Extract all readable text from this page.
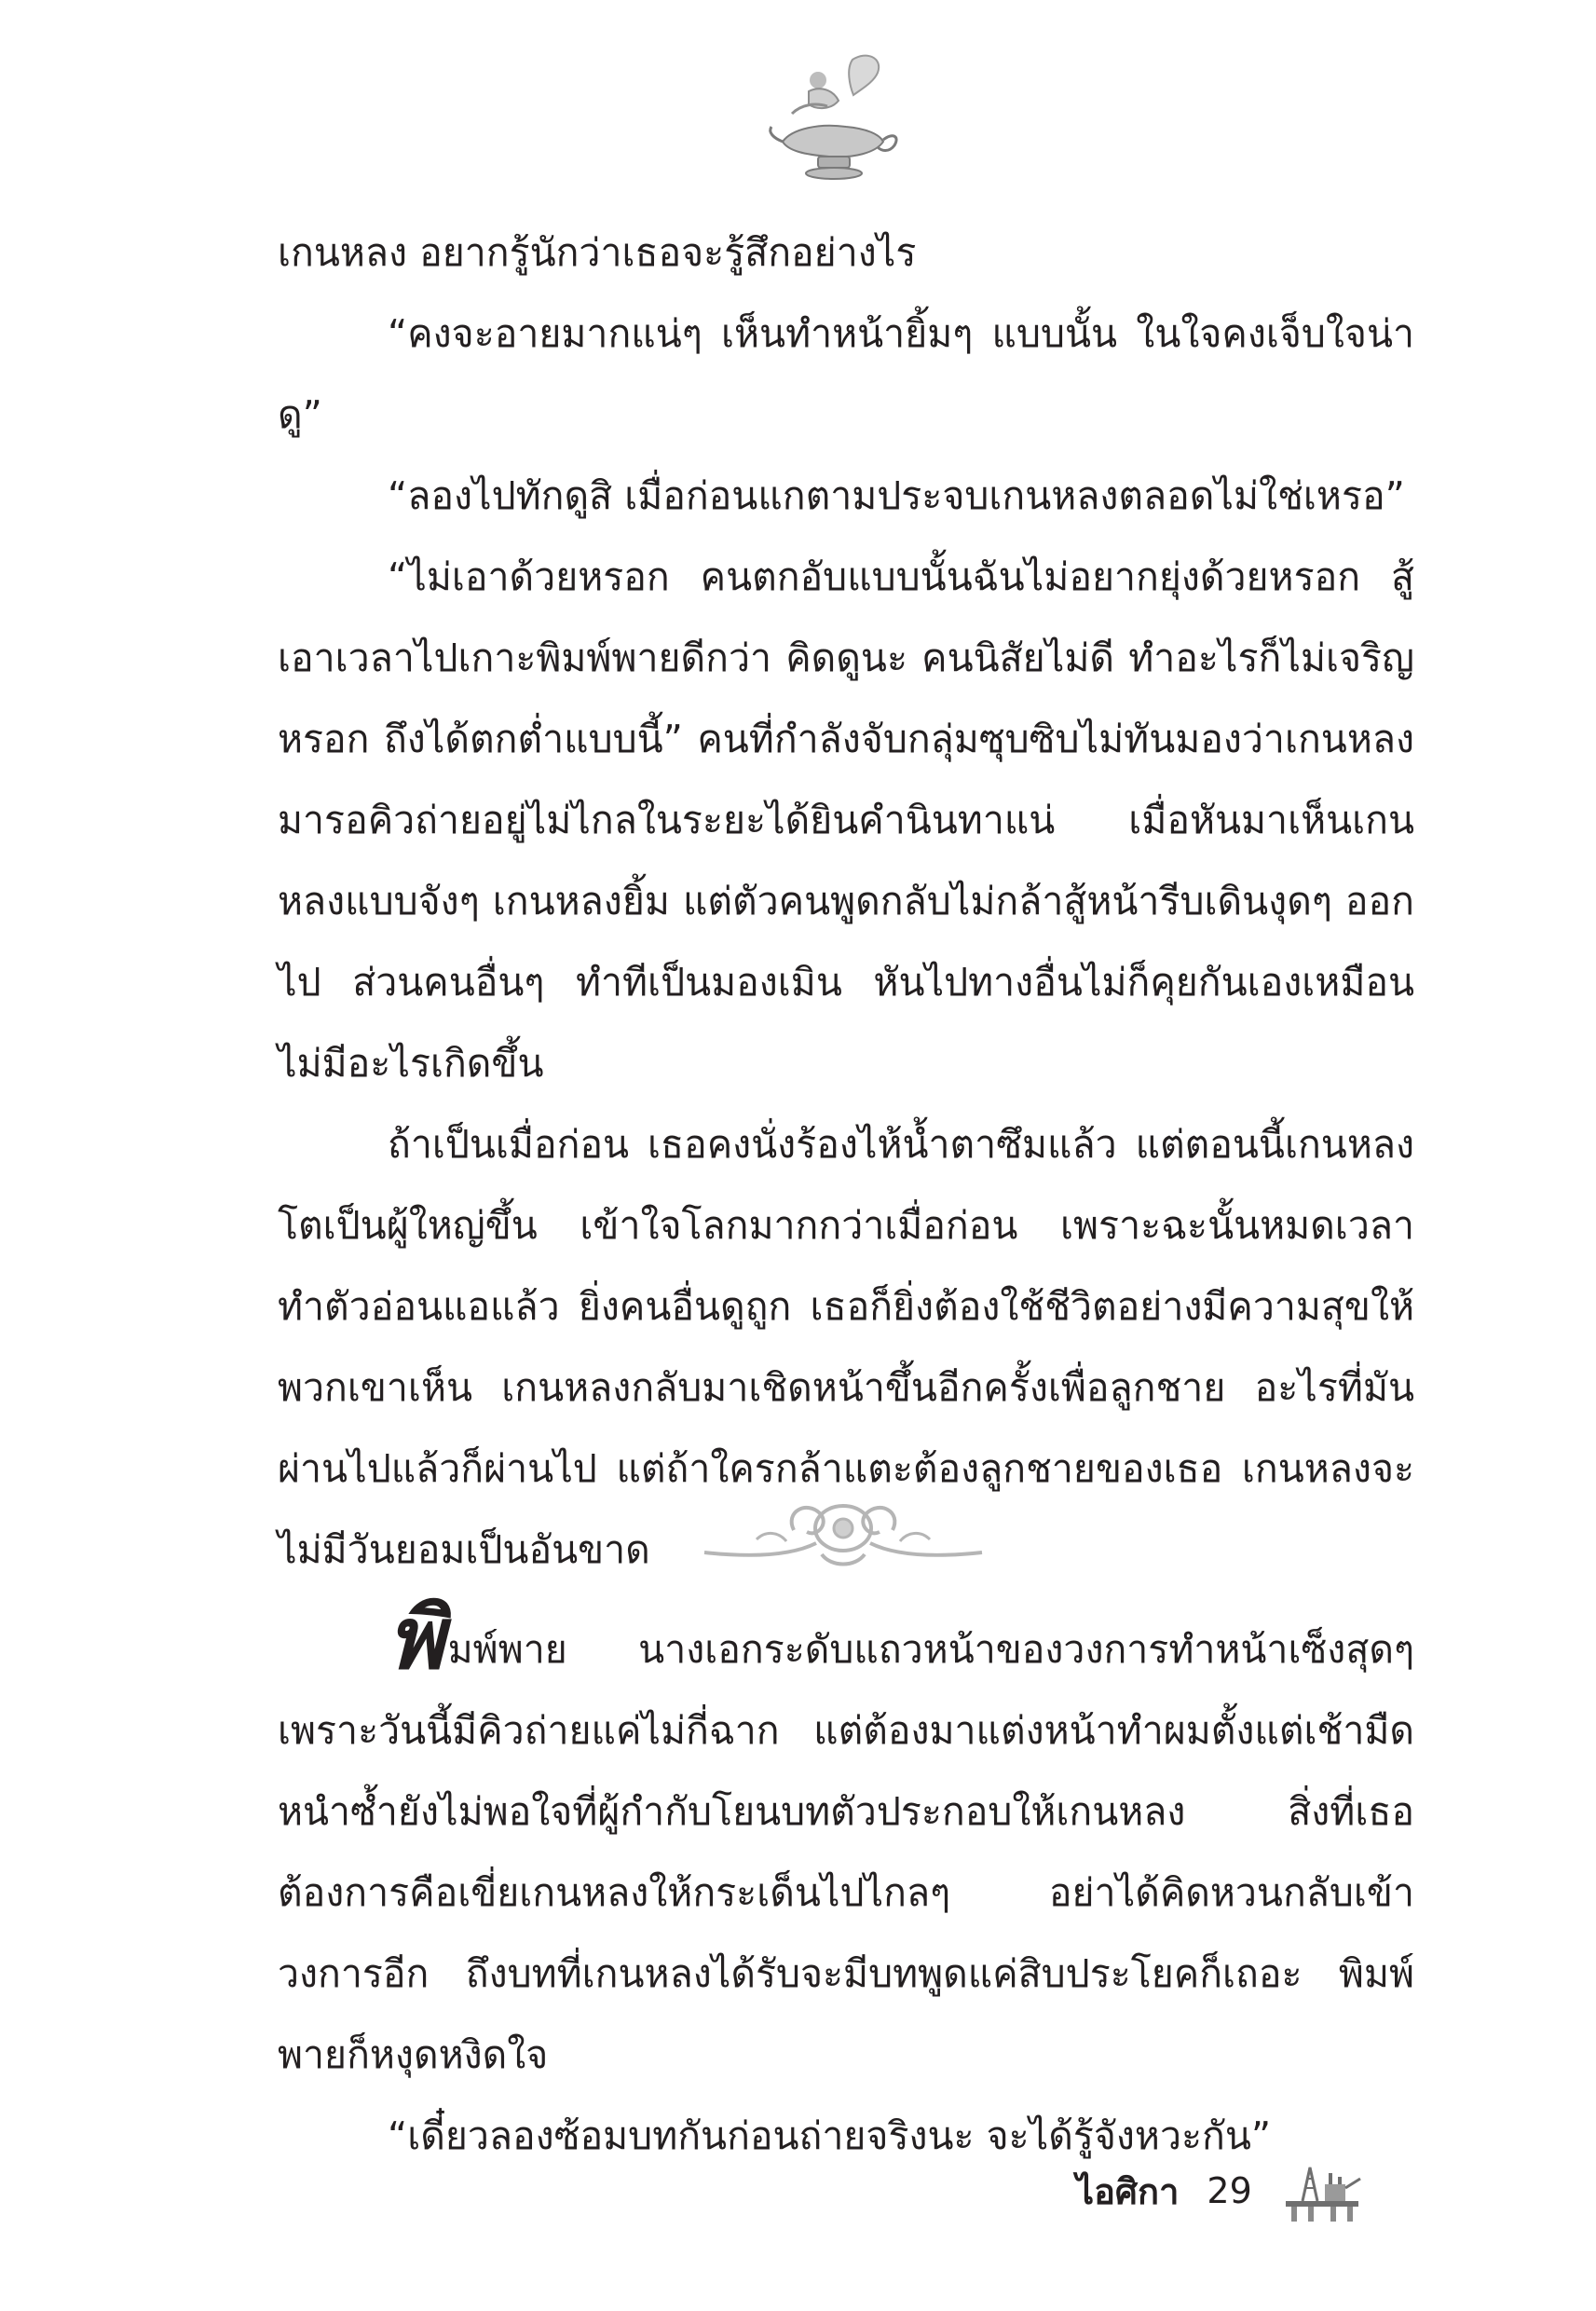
เกนหลง อยากรู้นักว่าเธอจะรู้สึกอย่างไร

“คงจะอายมากแน่ๆ เห็นทำหน้ายิ้มๆ แบบนั้น ในใจคงเจ็บใจน่าดู”

“ลองไปทักดูสิ เมื่อก่อนแกตามประจบเกนหลงตลอดไม่ใช่เหรอ”

“ไม่เอาด้วยหรอก คนตกอับแบบนั้นฉันไม่อยากยุ่งด้วยหรอก สู้เอาเวลาไปเกาะพิมพ์พายดีกว่า คิดดูนะ คนนิสัยไม่ดี ทำอะไรก็ไม่เจริญหรอก ถึงได้ตกต่ำแบบนี้” คนที่กำลังจับกลุ่มซุบซิบไม่ทันมองว่าเกนหลงมารอคิวถ่ายอยู่ไม่ไกลในระยะได้ยินคำนินทาแน่ เมื่อหันมาเห็นเกนหลงแบบจังๆ เกนหลงยิ้ม แต่ตัวคนพูดกลับไม่กล้าสู้หน้ารีบเดินงุดๆ ออกไป ส่วนคนอื่นๆ ทำทีเป็นมองเมิน หันไปทางอื่นไม่ก็คุยกันเองเหมือนไม่มีอะไรเกิดขึ้น

ถ้าเป็นเมื่อก่อน เธอคงนั่งร้องไห้น้ำตาซึมแล้ว แต่ตอนนี้เกนหลงโตเป็นผู้ใหญ่ขึ้น เข้าใจโลกมากกว่าเมื่อก่อน เพราะฉะนั้นหมดเวลาทำตัวอ่อนแอแล้ว ยิ่งคนอื่นดูถูก เธอก็ยิ่งต้องใช้ชีวิตอย่างมีความสุขให้พวกเขาเห็น เกนหลงกลับมาเชิดหน้าขึ้นอีกครั้งเพื่อลูกชาย อะไรที่มันผ่านไปแล้วก็ผ่านไป แต่ถ้าใครกล้าแตะต้องลูกชายของเธอ เกนหลงจะไม่มีวันยอมเป็นอันขาด

พิมพ์พาย นางเอกระดับแถวหน้าของวงการทำหน้าเซ็งสุดๆ เพราะวันนี้มีคิวถ่ายแค่ไม่กี่ฉาก แต่ต้องมาแต่งหน้าทำผมตั้งแต่เช้ามืด หนำซ้ำยังไม่พอใจที่ผู้กำกับโยนบทตัวประกอบให้เกนหลง สิ่งที่เธอต้องการคือเขี่ยเกนหลงให้กระเด็นไปไกลๆ อย่าได้คิดหวนกลับเข้าวงการอีก ถึงบทที่เกนหลงได้รับจะมีบทพูดแค่สิบประโยคก็เถอะ พิมพ์พายก็หงุดหงิดใจ

“เดี๋ยวลองซ้อมบทกันก่อนถ่ายจริงนะ จะได้รู้จังหวะกัน”

ไอศิกา 29
